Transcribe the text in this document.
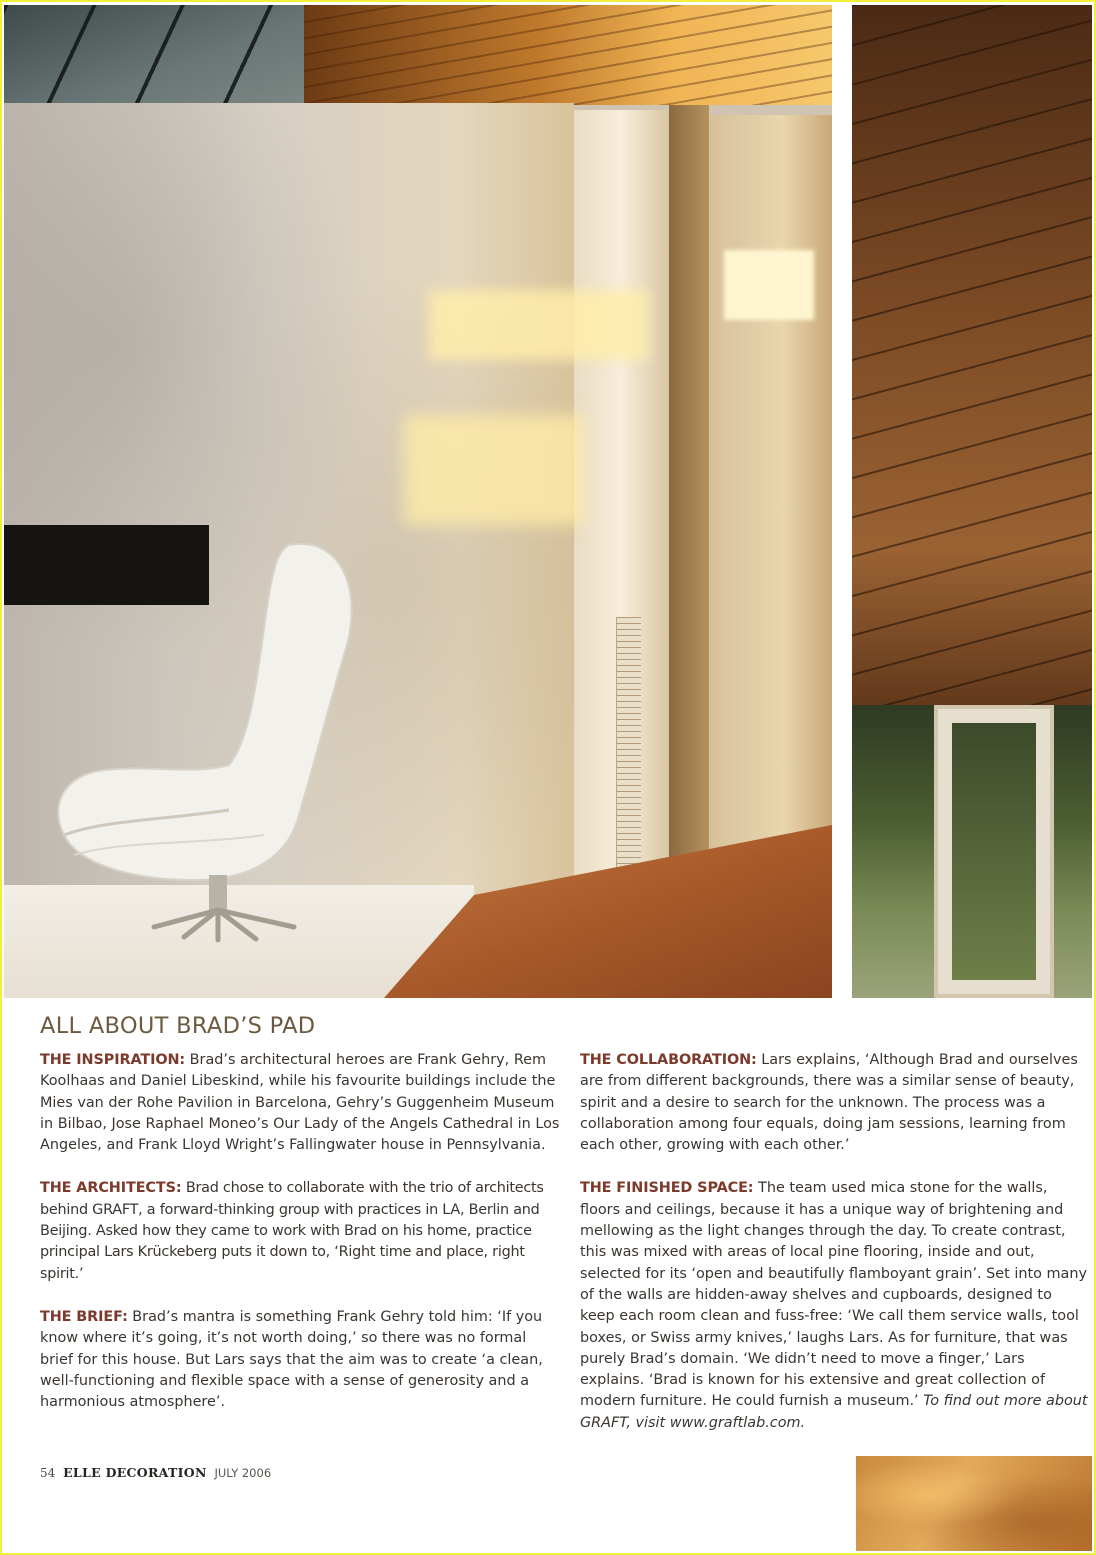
ALL ABOUT BRAD’S PAD

THE INSPIRATION: Brad’s architectural heroes are Frank Gehry, Rem Koolhaas and Daniel Libeskind, while his favourite buildings include the Mies van der Rohe Pavilion in Barcelona, Gehry’s Guggenheim Museum in Bilbao, Jose Raphael Moneo’s Our Lady of the Angels Cathedral in Los Angeles, and Frank Lloyd Wright’s Fallingwater house in Pennsylvania.

THE ARCHITECTS: Brad chose to collaborate with the trio of architects behind GRAFT, a forward-thinking group with practices in LA, Berlin and Beijing. Asked how they came to work with Brad on his home, practice principal Lars Krückeberg puts it down to, ‘Right time and place, right spirit.’

THE BRIEF: Brad’s mantra is something Frank Gehry told him: ‘If you know where it’s going, it’s not worth doing,’ so there was no formal brief for this house. But Lars says that the aim was to create ‘a clean, well-functioning and flexible space with a sense of generosity and a harmonious atmosphere’.

THE COLLABORATION: Lars explains, ‘Although Brad and ourselves are from different backgrounds, there was a similar sense of beauty, spirit and a desire to search for the unknown. The process was a collaboration among four equals, doing jam sessions, learning from each other, growing with each other.’

THE FINISHED SPACE: The team used mica stone for the walls, floors and ceilings, because it has a unique way of brightening and mellowing as the light changes through the day. To create contrast, this was mixed with areas of local pine flooring, inside and out, selected for its ‘open and beautifully flamboyant grain’. Set into many of the walls are hidden-away shelves and cupboards, designed to keep each room clean and fuss-free: ‘We call them service walls, tool boxes, or Swiss army knives,’ laughs Lars. As for furniture, that was purely Brad’s domain. ‘We didn’t need to move a finger,’ Lars explains. ‘Brad is known for his extensive and great collection of modern furniture. He could furnish a museum.’ To find out more about GRAFT, visit www.graftlab.com.

54 ELLE DECORATION JULY 2006
